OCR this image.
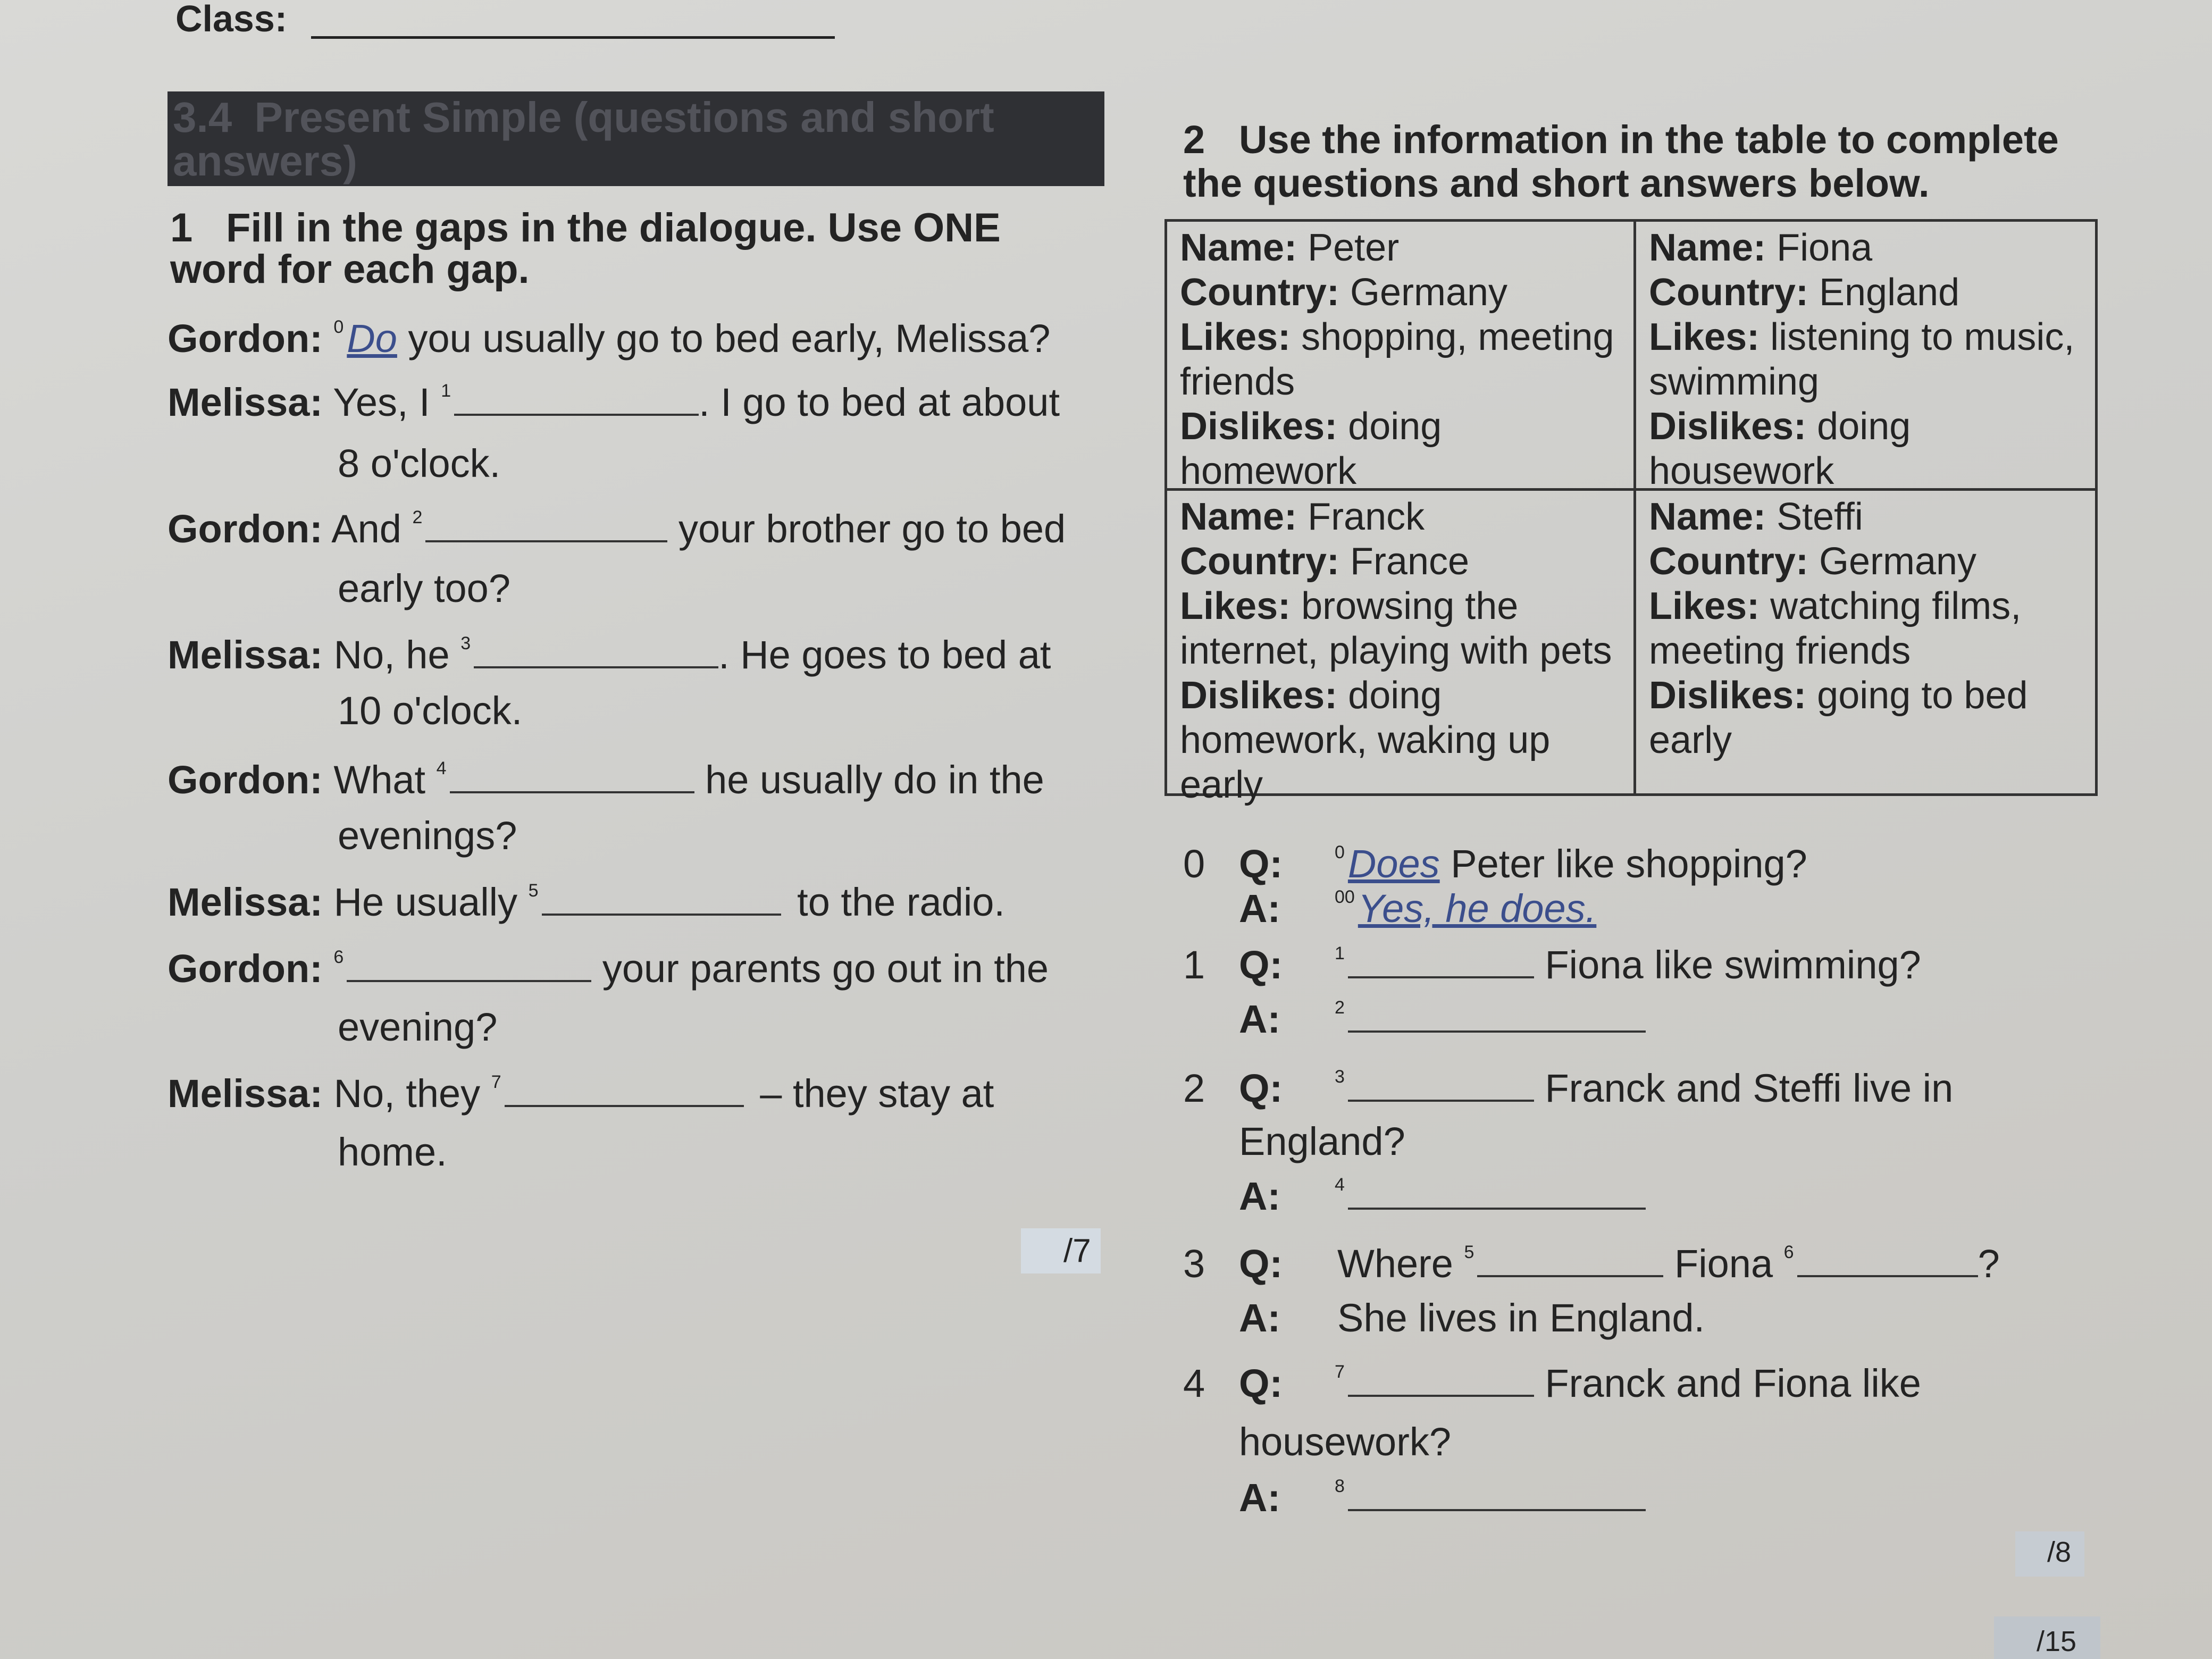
Class:
3.4 Present Simple (questions and short answers)
1 Fill in the gaps in the dialogue. Use ONE word for each gap.
Gordon: $^0$Do you usually go to bed early, Melissa?
Melissa: Yes, I $^1$	. I go to bed at about
8 o'clock.
Gordon: And $^2$	your brother go to bed
early too?
Melissa: No, he $^3$	. He goes to bed at
10 o'clock.
Gordon: What $^4$	he usually do in the
evenings?
Melissa: He usually $^5$	to the radio.
Gordon: $^6$	your parents go out in the
evening?
Melissa: No, they $^7$	– they stay at
home.
/7
2 Use the information in the table to complete the questions and short answers below.
Name: Peter
Country: Germany
Likes: shopping, meeting friends
Dislikes: doing homework
Name: Fiona
Country: England
Likes: listening to music, swimming
Dislikes: doing housework
Name: Franck
Country: France
Likes: browsing the internet, playing with pets
Dislikes: doing homework, waking up early
Name: Steffi
Country: Germany
Likes: watching films, meeting friends
Dislikes: going to bed early
0 Q:	$^0$Does Peter like shopping?
A:	$^{00}$Yes, he does.
1 Q:	$^1$	Fiona like swimming?
A:	$^2$
2 Q:	$^3$	Franck and Steffi live in
England?
A:	$^4$
3 Q: Where $^5$	Fiona $^6$	?
A: She lives in England.
4 Q:	$^7$	Franck and Fiona like
housework?
A:	$^8$
/8
/15
